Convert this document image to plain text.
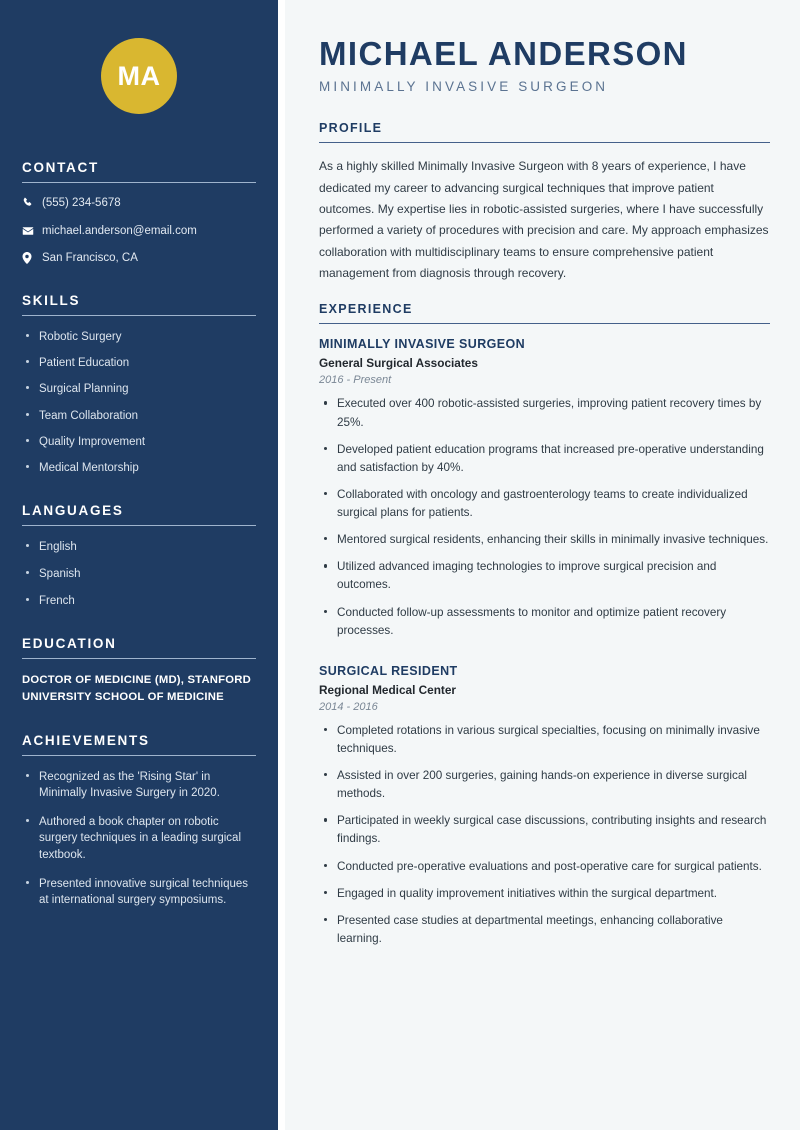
MA
CONTACT
(555) 234-5678
michael.anderson@email.com
San Francisco, CA
SKILLS
Robotic Surgery
Patient Education
Surgical Planning
Team Collaboration
Quality Improvement
Medical Mentorship
LANGUAGES
English
Spanish
French
EDUCATION
DOCTOR OF MEDICINE (MD), STANFORD UNIVERSITY SCHOOL OF MEDICINE
ACHIEVEMENTS
Recognized as the 'Rising Star' in Minimally Invasive Surgery in 2020.
Authored a book chapter on robotic surgery techniques in a leading surgical textbook.
Presented innovative surgical techniques at international surgery symposiums.
MICHAEL ANDERSON
MINIMALLY INVASIVE SURGEON
PROFILE

As a highly skilled Minimally Invasive Surgeon with 8 years of experience, I have dedicated my career to advancing surgical techniques that improve patient outcomes. My expertise lies in robotic-assisted surgeries, where I have successfully performed a variety of procedures with precision and care. My approach emphasizes collaboration with multidisciplinary teams to ensure comprehensive patient management from diagnosis through recovery.

EXPERIENCE
MINIMALLY INVASIVE SURGEON
General Surgical Associates
2016 - Present
Executed over 400 robotic-assisted surgeries, improving patient recovery times by 25%.
Developed patient education programs that increased pre-operative understanding and satisfaction by 40%.
Collaborated with oncology and gastroenterology teams to create individualized surgical plans for patients.
Mentored surgical residents, enhancing their skills in minimally invasive techniques.
Utilized advanced imaging technologies to improve surgical precision and outcomes.
Conducted follow-up assessments to monitor and optimize patient recovery processes.
SURGICAL RESIDENT
Regional Medical Center
2014 - 2016
Completed rotations in various surgical specialties, focusing on minimally invasive techniques.
Assisted in over 200 surgeries, gaining hands-on experience in diverse surgical methods.
Participated in weekly surgical case discussions, contributing insights and research findings.
Conducted pre-operative evaluations and post-operative care for surgical patients.
Engaged in quality improvement initiatives within the surgical department.
Presented case studies at departmental meetings, enhancing collaborative learning.
